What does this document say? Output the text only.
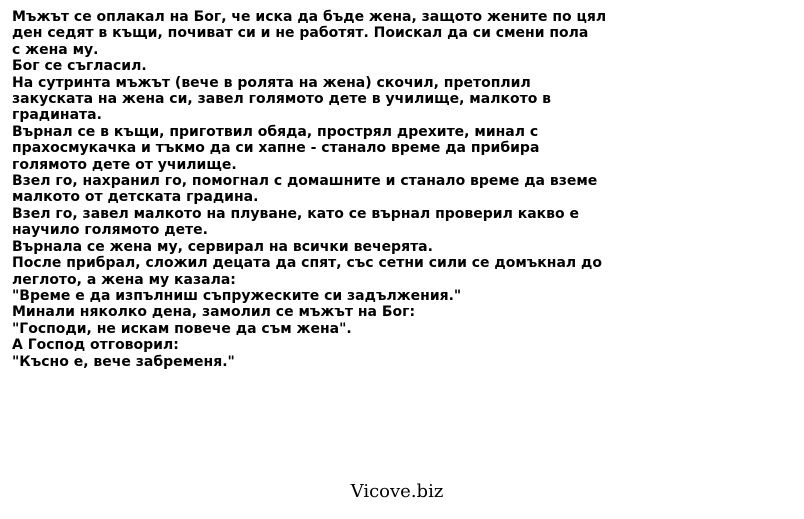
Мъжът се оплакал на Бог, че иска да бъде жена, защото жените по цял
ден седят в къщи, почиват си и не работят. Поискал да си смени пола
с жена му.
Бог се съгласил.
На сутринта мъжът (вече в ролята на жена) скочил, претоплил
закуската на жена си, завел голямото дете в училище, малкото в
градината.
Върнал се в къщи, приготвил обяда, прострял дрехите, минал с
прахосмукачка и тъкмо да си хапне - станало време да прибира
голямото дете от училище.
Взел го, нахранил го, помогнал с домашните и станало време да вземе
малкото от детската градина.
Взел го, завел малкото на плуване, като се върнал проверил какво е
научило голямото дете.
Върнала се жена му, сервирал на всички вечерята.
После прибрал, сложил децата да спят, със сетни сили се домъкнал до
леглото, а жена му казала:
"Време е да изпълниш съпружеските си задължения."
Минали няколко дена, замолил се мъжът на Бог:
"Господи, не искам повече да съм жена".
А Господ отговорил:
"Късно е, вече забременя."
Vicove.biz
